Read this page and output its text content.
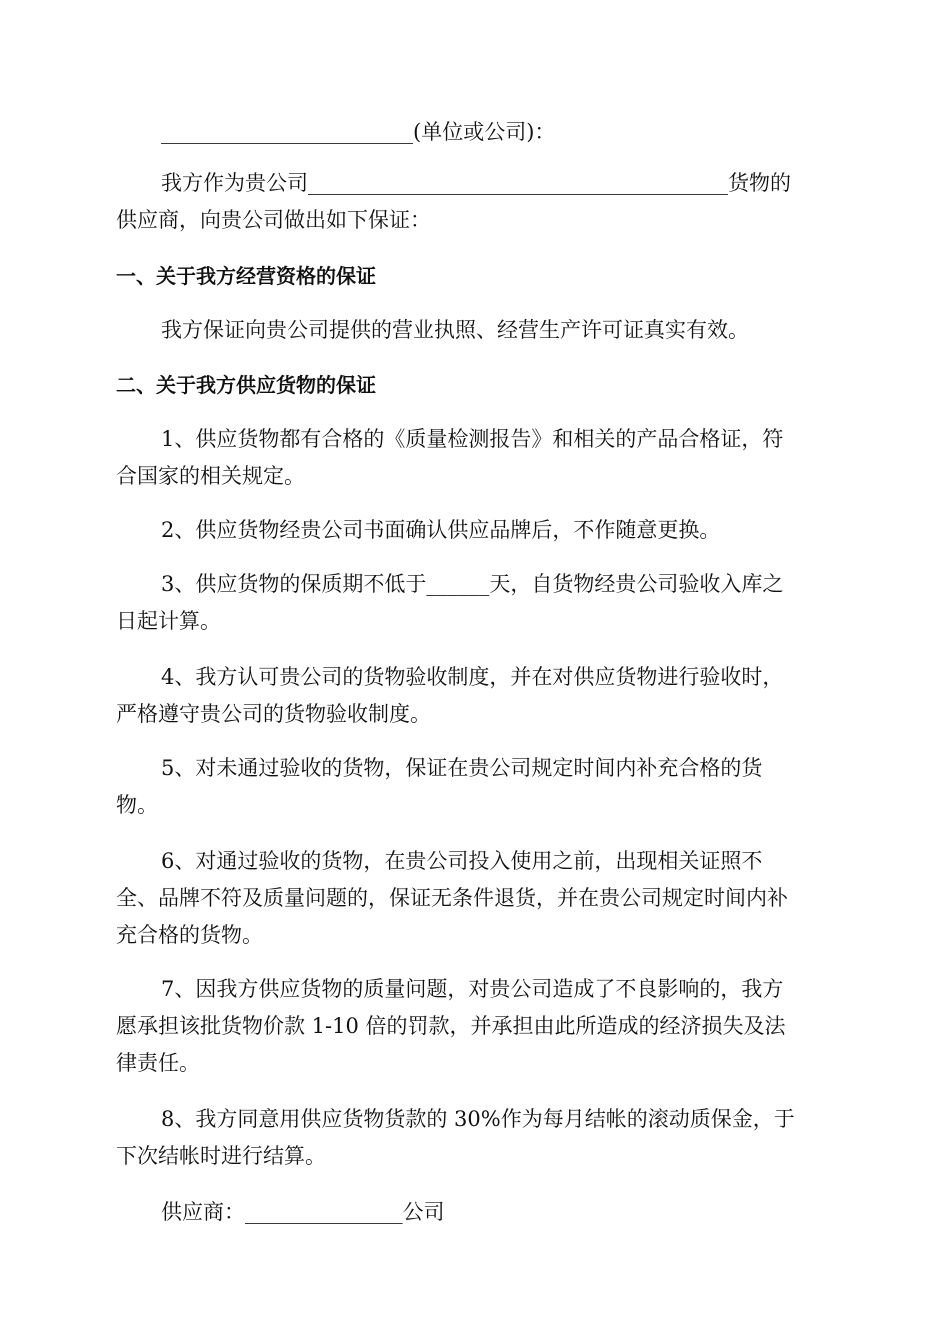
________________________(单位或公司)：

我方作为贵公司________________________________________货物的

供应商，向贵公司做出如下保证：

一、关于我方经营资格的保证

我方保证向贵公司提供的营业执照、经营生产许可证真实有效。

二、关于我方供应货物的保证

1、供应货物都有合格的《质量检测报告》和相关的产品合格证，符

合国家的相关规定。

2、供应货物经贵公司书面确认供应品牌后，不作随意更换。

3、供应货物的保质期不低于______天，自货物经贵公司验收入库之

日起计算。

4、我方认可贵公司的货物验收制度，并在对供应货物进行验收时，

严格遵守贵公司的货物验收制度。

5、对未通过验收的货物，保证在贵公司规定时间内补充合格的货

物。

6、对通过验收的货物，在贵公司投入使用之前，出现相关证照不

全、品牌不符及质量问题的，保证无条件退货，并在贵公司规定时间内补

充合格的货物。

7、因我方供应货物的质量问题，对贵公司造成了不良影响的，我方

愿承担该批货物价款 1-10 倍的罚款，并承担由此所造成的经济损失及法

律责任。

8、我方同意用供应货物货款的 30%作为每月结帐的滚动质保金，于

下次结帐时进行结算。

供应商：_______________公司
